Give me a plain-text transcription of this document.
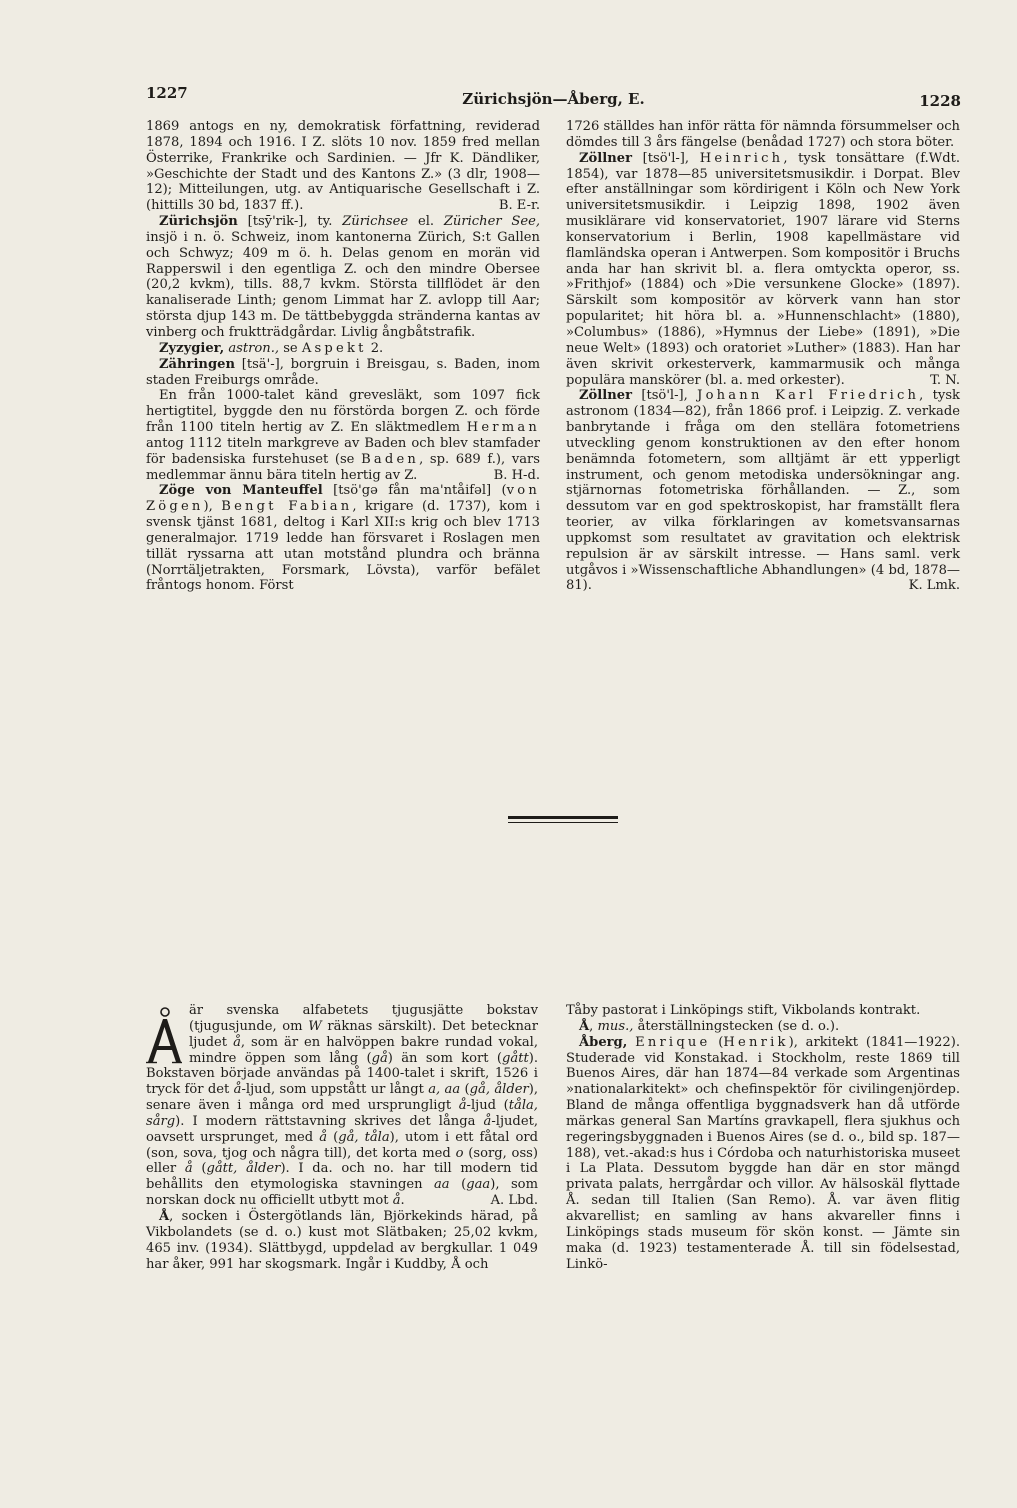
1227	Zürichsjön—Åberg, E.	1228

1869 antogs en ny, demokratisk författning, reviderad 1878, 1894 och 1916. I Z. slöts 10 nov. 1859 fred mellan Österrike, Frankrike och Sardinien. — Jfr K. Dändliker, »Geschichte der Stadt und des Kantons Z.» (3 dlr, 1908—12); Mitteilungen, utg. av Antiquarische Gesellschaft i Z. (hittills 30 bd, 1837 ff.).	B. E-r.

Zürichsjön [tsȳ'rik-], ty. Zürichsee el. Züricher See, insjö i n. ö. Schweiz, inom kantonerna Zürich, S:t Gallen och Schwyz; 409 m ö. h. Delas genom en morän vid Rapperswil i den egentliga Z. och den mindre Obersee (20,2 kvkm), tills. 88,7 kvkm. Största tillflödet är den kanaliserade Linth; genom Limmat har Z. avlopp till Aar; största djup 143 m. De tättbebyggda stränderna kantas av vinberg och fruktträdgårdar. Livlig ångbåtstrafik.

Zyzygier, astron., se Aspekt 2.

Zähringen [tsä'-], borgruin i Breisgau, s. Baden, inom staden Freiburgs område.

En från 1000-talet känd grevesläkt, som 1097 fick hertigtitel, byggde den nu förstörda borgen Z. och förde från 1100 titeln hertig av Z. En släktmedlem Herman antog 1112 titeln markgreve av Baden och blev stamfader för badensiska furstehuset (se Baden, sp. 689 f.), vars medlemmar ännu bära titeln hertig av Z.	B. H-d.

Zöge von Manteuffel [tsö'gə fån ma'ntåifəl] (von Zögen), Bengt Fabian, krigare (d. 1737), kom i svensk tjänst 1681, deltog i Karl XII:s krig och blev 1713 generalmajor. 1719 ledde han försvaret i Roslagen men tillät ryssarna att utan motstånd plundra och bränna (Norrtäljetrakten, Forsmark, Lövsta), varför befälet fråntogs honom. Först

1726 ställdes han inför rätta för nämnda försummelser och dömdes till 3 års fängelse (benådad 1727) och stora böter.
Wdt.

Zöllner [tsö'l-], Heinrich, tysk tonsättare (f. 1854), var 1878—85 universitetsmusikdir. i Dorpat. Blev efter anställningar som kördirigent i Köln och New York universitetsmusikdir. i Leipzig 1898, 1902 även musiklärare vid konservatoriet, 1907 lärare vid Sterns konservatorium i Berlin, 1908 kapellmästare vid flamländska operan i Antwerpen. Som kompositör i Bruchs anda har han skrivit bl. a. flera omtyckta operor, ss. »Frithjof» (1884) och »Die versunkene Glocke» (1897). Särskilt som kompositör av körverk vann han stor popularitet; hit höra bl. a. »Hunnenschlacht» (1880), »Columbus» (1886), »Hymnus der Liebe» (1891), »Die neue Welt» (1893) och oratoriet »Luther» (1883). Han har även skrivit orkesterverk, kammarmusik och många populära manskörer (bl. a. med orkester).	T. N.

Zöllner [tsö'l-], Johann Karl Friedrich, tysk astronom (1834—82), från 1866 prof. i Leipzig. Z. verkade banbrytande i fråga om den stellära fotometriens utveckling genom konstruktionen av den efter honom benämnda fotometern, som alltjämt är ett ypperligt instrument, och genom metodiska undersökningar ang. stjärnornas fotometriska förhållanden. — Z., som dessutom var en god spektroskopist, har framställt flera teorier, av vilka förklaringen av kometsvansarnas uppkomst som resultatet av gravitation och elektrisk repulsion är av särskilt intresse. — Hans saml. verk utgåvos i »Wissenschaftliche Abhandlungen» (4 bd, 1878—81).	K. Lmk.

är svenska alfabetets tjugusjätte bokstav (tjugusjunde, om W räknas särskilt). Det betecknar ljudet å, som är en halvöppen bakre rundad vokal, mindre öppen som lång (gå) än som kort (gått). Bokstaven började användas på 1400-talet i skrift, 1526 i tryck för det å-ljud, som uppstått ur långt a, aa (gå, ålder), senare även i många ord med ursprungligt å-ljud (tåla, sårg). I modern rättstavning skrives det långa å-ljudet, oavsett ursprunget, med å (gå, tåla), utom i ett fåtal ord (son, sova, tjog och några till), det korta med o (sorg, oss) eller å (gått, ålder). I da. och no. har till modern tid behållits den etymologiska stavningen aa (gaa), som norskan dock nu officiellt utbytt mot å.	A. Lbd.

Å, socken i Östergötlands län, Björkekinds härad, på Vikbolandets (se d. o.) kust mot Slätbaken; 25,02 kvkm, 465 inv. (1934). Slättbygd, uppdelad av bergkullar. 1 049 har åker, 991 har skogsmark. Ingår i Kuddby, Å och

Tåby pastorat i Linköpings stift, Vikbolands kontrakt.

Å, mus., återställningstecken (se d. o.).

Åberg, Enrique (Henrik), arkitekt (1841—1922). Studerade vid Konstakad. i Stockholm, reste 1869 till Buenos Aires, där han 1874—84 verkade som Argentinas »nationalarkitekt» och chefinspektör för civilingenjördep. Bland de många offentliga byggnadsverk han då utförde märkas general San Martíns gravkapell, flera sjukhus och regeringsbyggnaden i Buenos Aires (se d. o., bild sp. 187—188), vet.-akad:s hus i Córdoba och naturhistoriska museet i La Plata. Dessutom byggde han där en stor mängd privata palats, herrgårdar och villor. Av hälsoskäl flyttade Å. sedan till Italien (San Remo). Å. var även flitig akvarellist; en samling av hans akvareller finns i Linköpings stads museum för skön konst. — Jämte sin maka (d. 1923) testamenterade Å. till sin födelsestad, Linkö-
